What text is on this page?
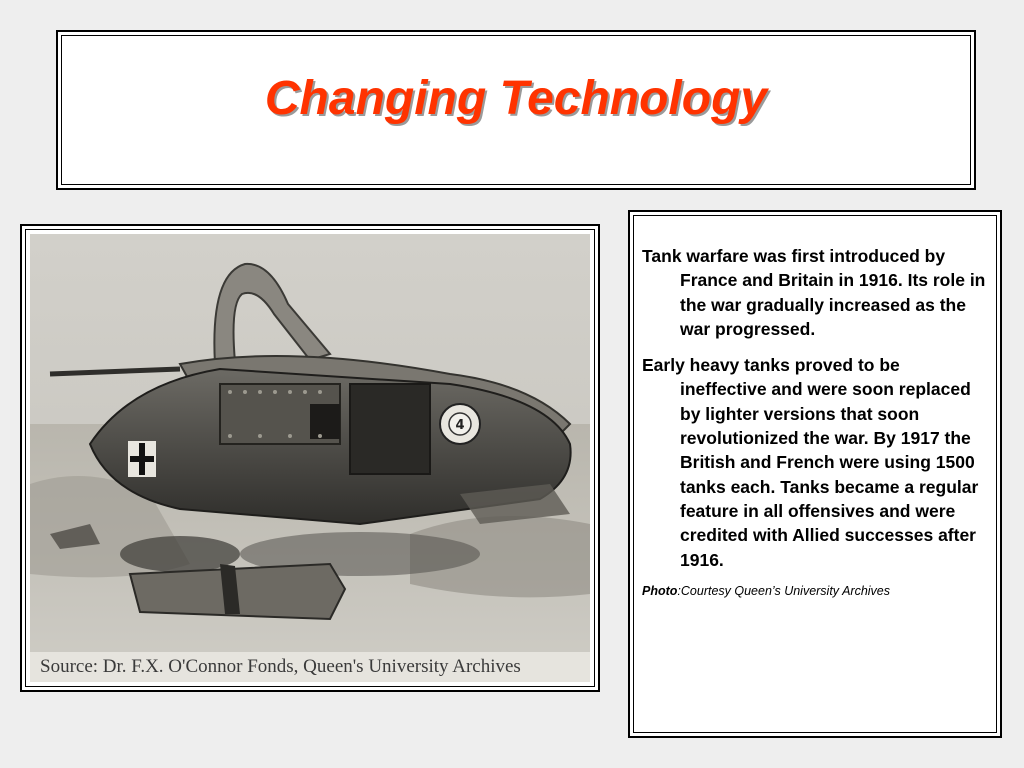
Changing Technology
4
Source: Dr. F.X. O'Connor Fonds, Queen's University Archives

Tank warfare was first introduced by France and Britain in 1916. Its role in the war gradually increased as the war progressed.

Early heavy tanks proved to be ineffective and were soon replaced by lighter versions that soon revolutionized the war. By 1917 the British and French were using 1500 tanks each. Tanks became a regular feature in all offensives and were credited with Allied successes after 1916.

Photo:Courtesy Queen’s University Archives
